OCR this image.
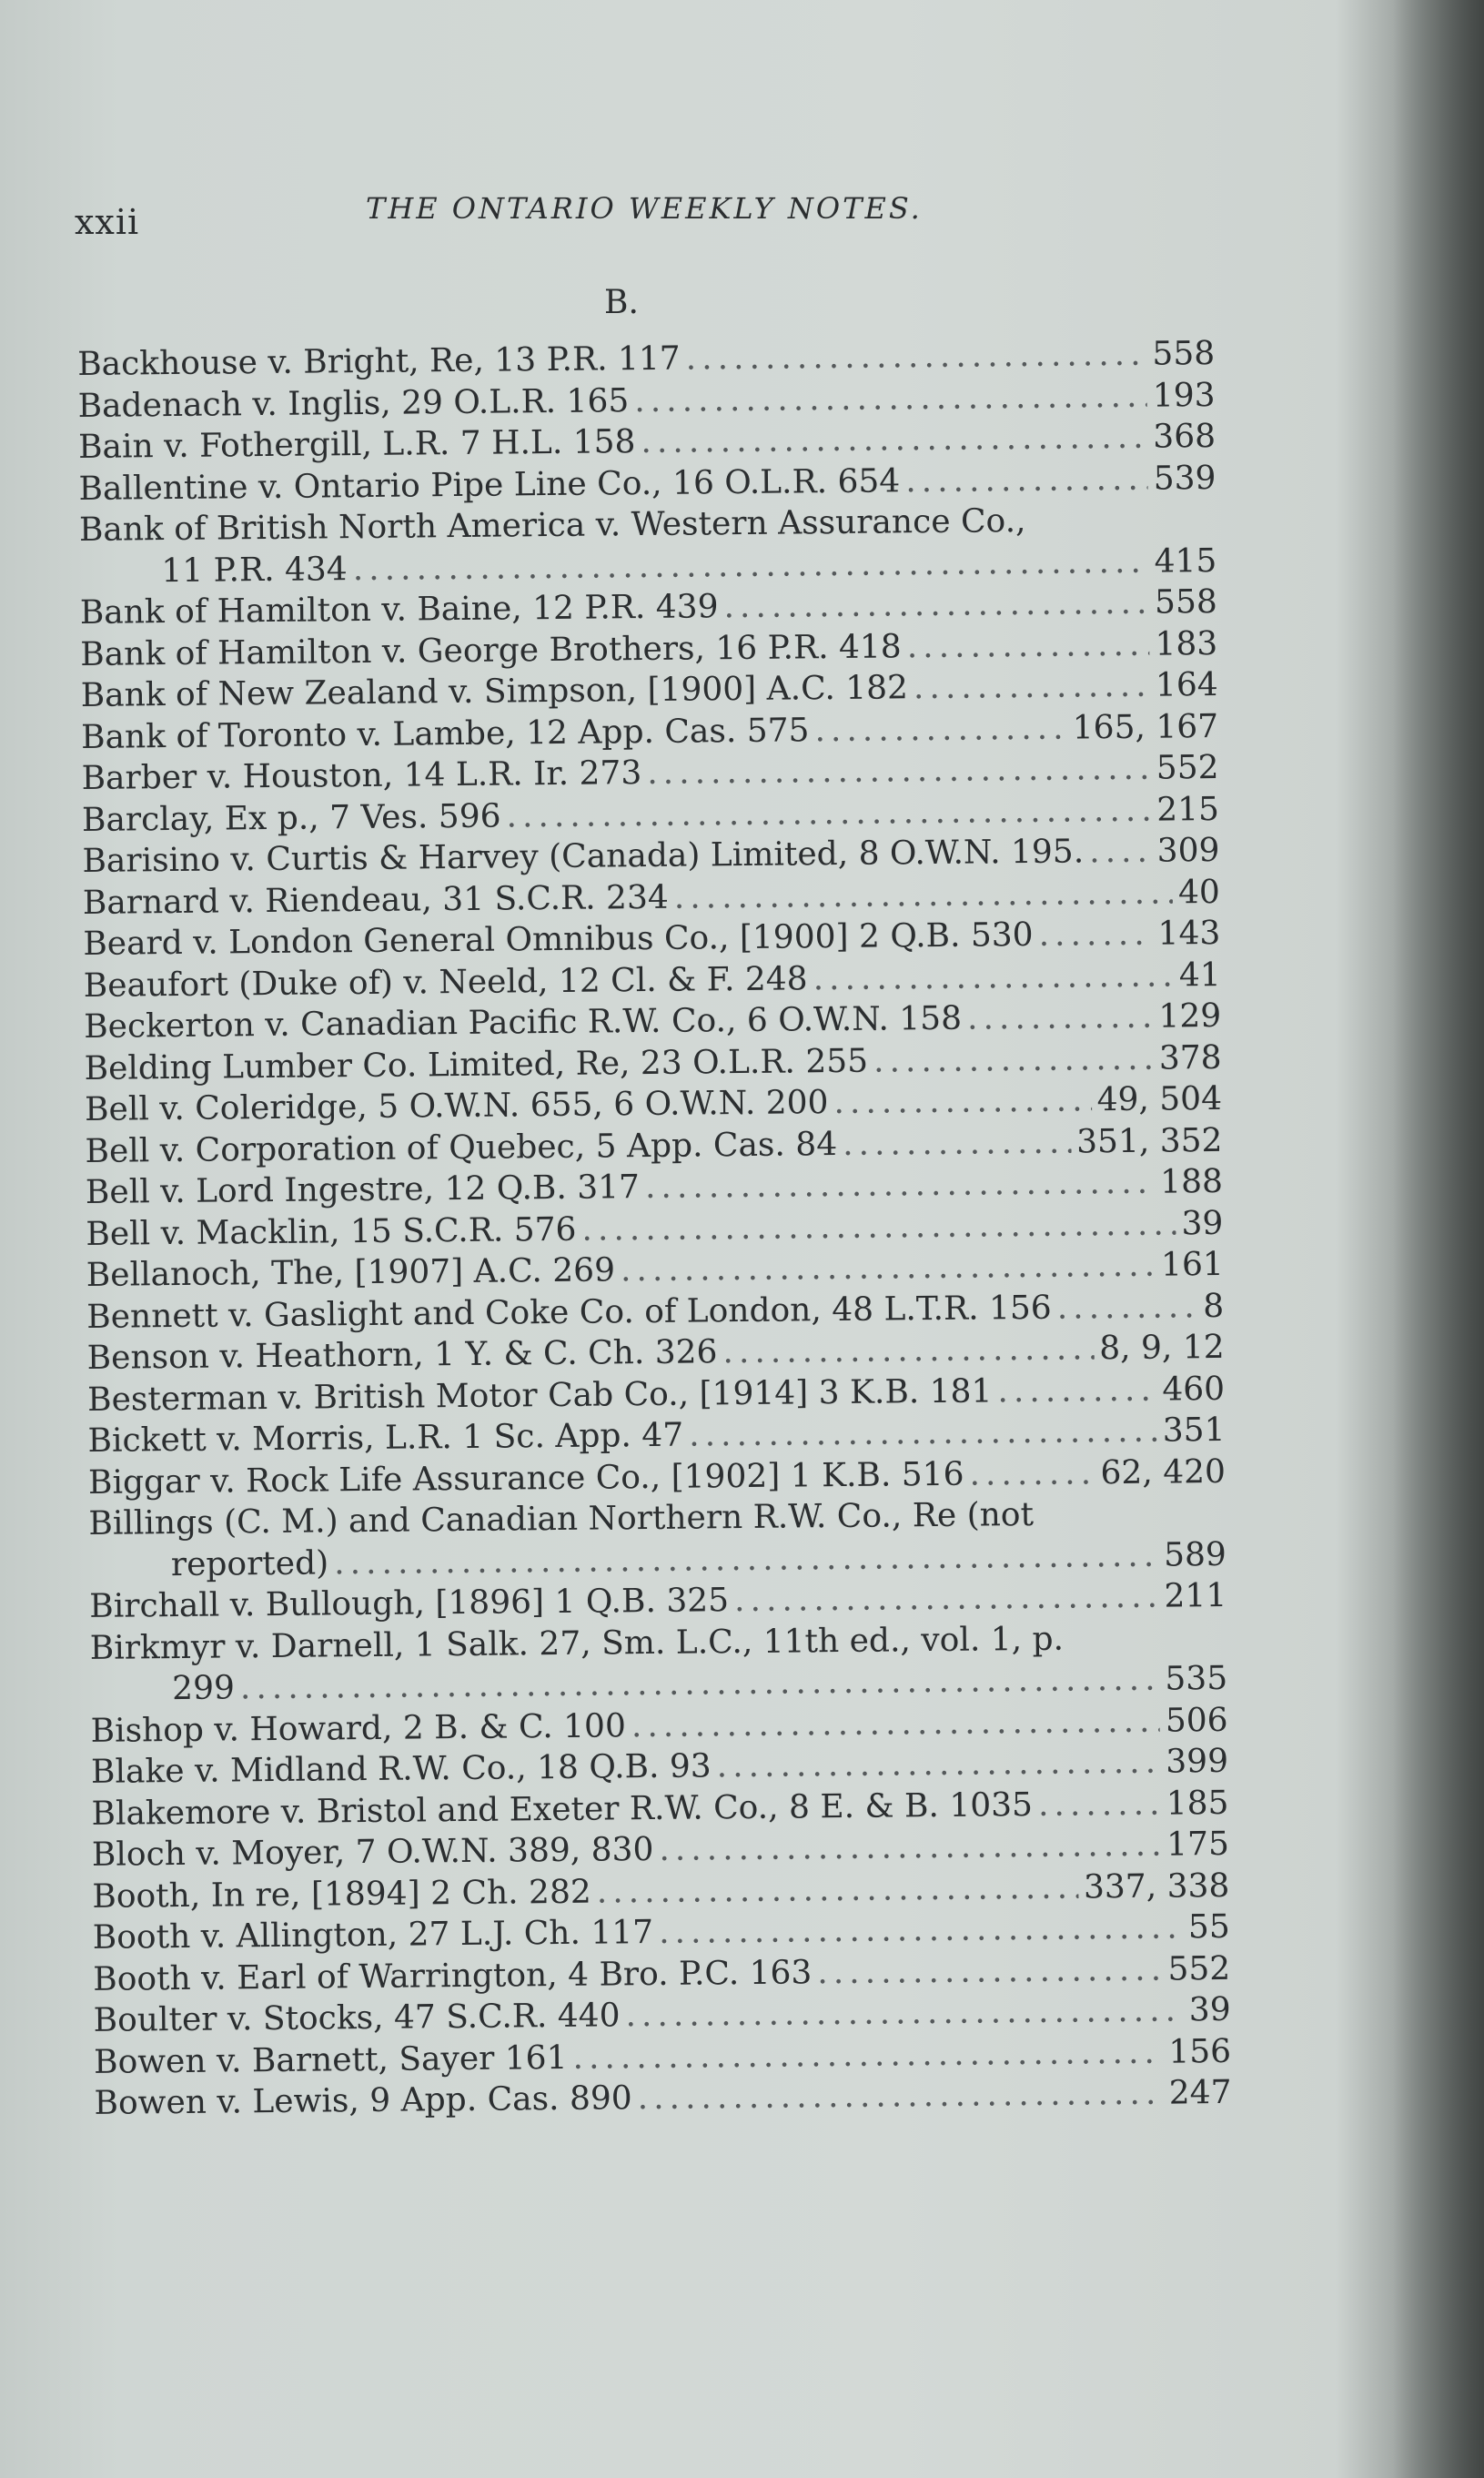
xxii	THE ONTARIO WEEKLY NOTES.
B.
Backhouse v. Bright, Re, 13 P.R. 117 .....	558
Badenach v. Inglis, 29 O.L.R. 165 .....	193
Bain v. Fothergill, L.R. 7 H.L. 158 .....	368
Ballentine v. Ontario Pipe Line Co., 16 O.L.R. 654 .....	539
Bank of British North America v. Western Assurance Co.,
11 P.R. 434 .....	415
Bank of Hamilton v. Baine, 12 P.R. 439 .....	558
Bank of Hamilton v. George Brothers, 16 P.R. 418 .....	183
Bank of New Zealand v. Simpson, [1900] A.C. 182 .....	164
Bank of Toronto v. Lambe, 12 App. Cas. 575 .....	165, 167
Barber v. Houston, 14 L.R. Ir. 273 .....	552
Barclay, Ex p., 7 Ves. 596 .....	215
Barisino v. Curtis & Harvey (Canada) Limited, 8 O.W.N. 195. ..... 309
Barnard v. Riendeau, 31 S.C.R. 234 .....	40
Beard v. London General Omnibus Co., [1900] 2 Q.B. 530 .....	143
Beaufort (Duke of) v. Neeld, 12 Cl. & F. 248 .....	41
Beckerton v. Canadian Pacific R.W. Co., 6 O.W.N. 158 .....	129
Belding Lumber Co. Limited, Re, 23 O.L.R. 255 .....	378
Bell v. Coleridge, 5 O.W.N. 655, 6 O.W.N. 200 .....	49, 504
Bell v. Corporation of Quebec, 5 App. Cas. 84 .....	351, 352
Bell v. Lord Ingestre, 12 Q.B. 317 .....	188
Bell v. Macklin, 15 S.C.R. 576 .....	39
Bellanoch, The, [1907] A.C. 269 .....	161
Bennett v. Gaslight and Coke Co. of London, 48 L.T.R. 156 .....	8
Benson v. Heathorn, 1 Y. & C. Ch. 326 .....	8, 9, 12
Besterman v. British Motor Cab Co., [1914] 3 K.B. 181 .....	460
Bickett v. Morris, L.R. 1 Sc. App. 47 .....	351
Biggar v. Rock Life Assurance Co., [1902] 1 K.B. 516 .....	62, 420
Billings (C. M.) and Canadian Northern R.W. Co., Re (not
reported) .....	589
Birchall v. Bullough, [1896] 1 Q.B. 325 .....	211
Birkmyr v. Darnell, 1 Salk. 27, Sm. L.C., 11th ed., vol. 1, p.
299 .....	535
Bishop v. Howard, 2 B. & C. 100 .....	506
Blake v. Midland R.W. Co., 18 Q.B. 93 .....	399
Blakemore v. Bristol and Exeter R.W. Co., 8 E. & B. 1035 .....	185
Bloch v. Moyer, 7 O.W.N. 389, 830 .....	175
Booth, In re, [1894] 2 Ch. 282 .....	337, 338
Booth v. Allington, 27 L.J. Ch. 117 .....	55
Booth v. Earl of Warrington, 4 Bro. P.C. 163 .....	552
Boulter v. Stocks, 47 S.C.R. 440 .....	39
Bowen v. Barnett, Sayer 161 .....	156
Bowen v. Lewis, 9 App. Cas. 890 .....	247
